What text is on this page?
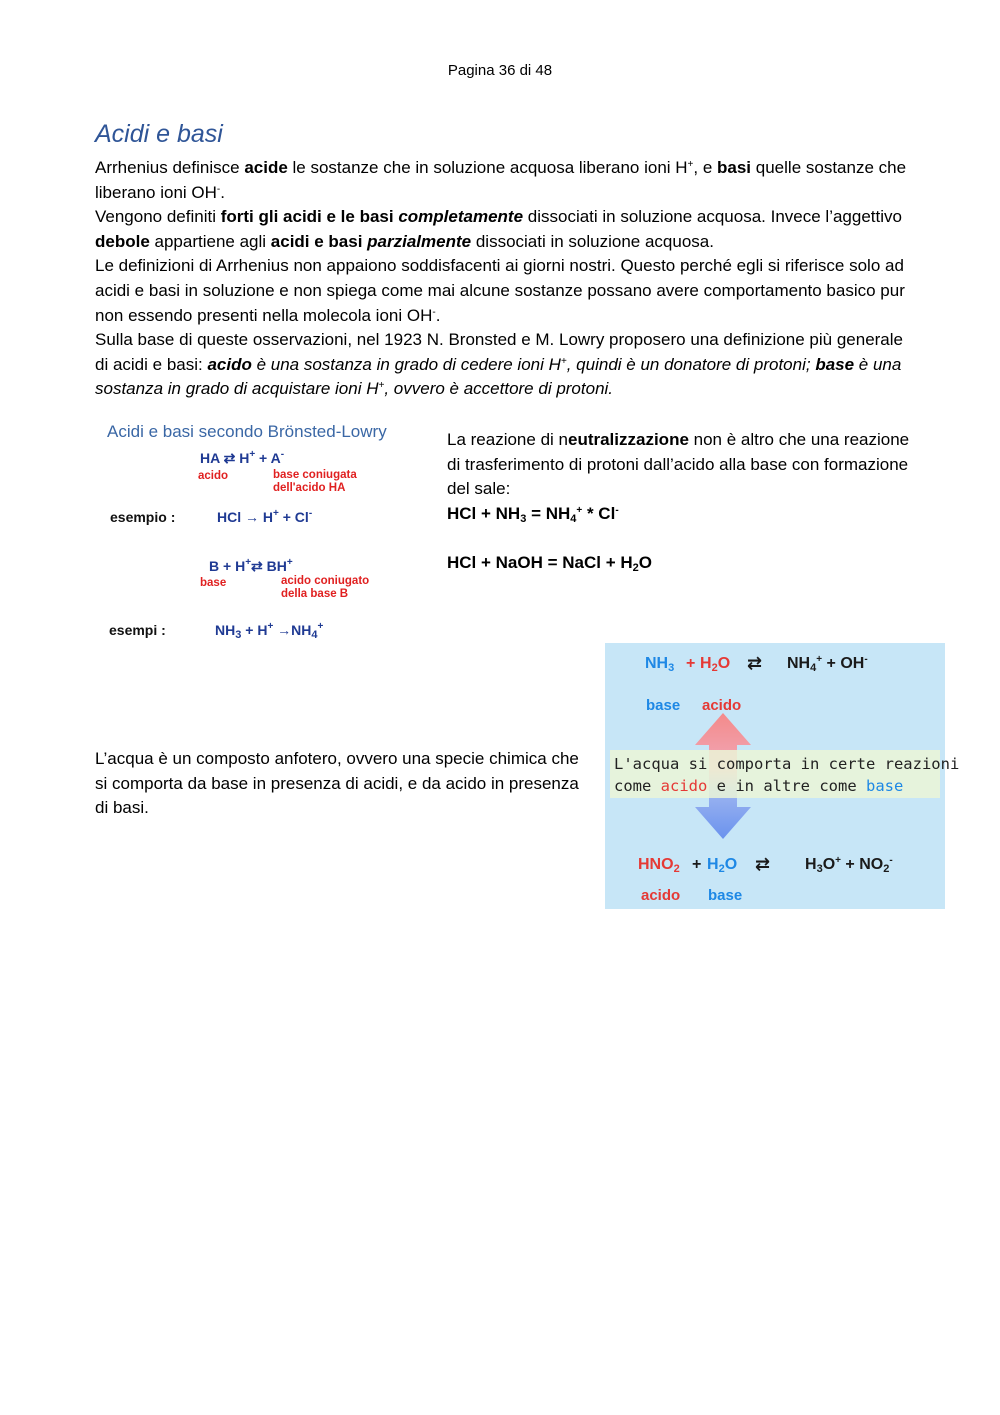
Pagina 36 di 48
Acidi e basi

Arrhenius definisce acide le sostanze che in soluzione acquosa liberano ioni H+, e basi quelle sostanze che liberano ioni OH-.

Vengono definiti forti gli acidi e le basi completamente dissociati in soluzione acquosa. Invece l’aggettivo debole appartiene agli acidi e basi parzialmente dissociati in soluzione acquosa.

Le definizioni di Arrhenius non appaiono soddisfacenti ai giorni nostri. Questo perché egli si riferisce solo ad acidi e basi in soluzione e non spiega come mai alcune sostanze possano avere comportamento basico pur non essendo presenti nella molecola ioni OH-.

Sulla base di queste osservazioni, nel 1923 N. Bronsted e M. Lowry proposero una definizione più generale di acidi e basi: acido è una sostanza in grado di cedere ioni H+, quindi è un donatore di protoni; base è una sostanza in grado di acquistare ioni H+, ovvero è accettore di protoni.

Acidi e basi secondo Brönsted-Lowry
HA ⇄ H+ + A-
acido	base coniugata
dell'acido HA
esempio :	HCl → H+ + Cl-
B + H+⇄ BH+
base	acido coniugato
della base B
esempi :	$NH_3 + H^+ \to NH_4^+$

La reazione di neutralizzazione non è altro che una reazione di trasferimento di protoni dall’acido alla base con formazione del sale:

HCl + $NH_3 = NH_4^+ * Cl^-$

HCl + NaOH = NaCl + $H_2O$

L’acqua è un composto anfotero, ovvero una specie chimica che si comporta da base in presenza di acidi, e da acido in presenza di basi.

$NH_3 + H_2O$ ⇄ $NH_4^+ + OH^-$
base acido
L'acqua si comporta in certe reazioni
come acido e in altre come base
$HNO_2 + H_2O$ ⇄ $H_3O^+ + NO_2^-$
acido base
